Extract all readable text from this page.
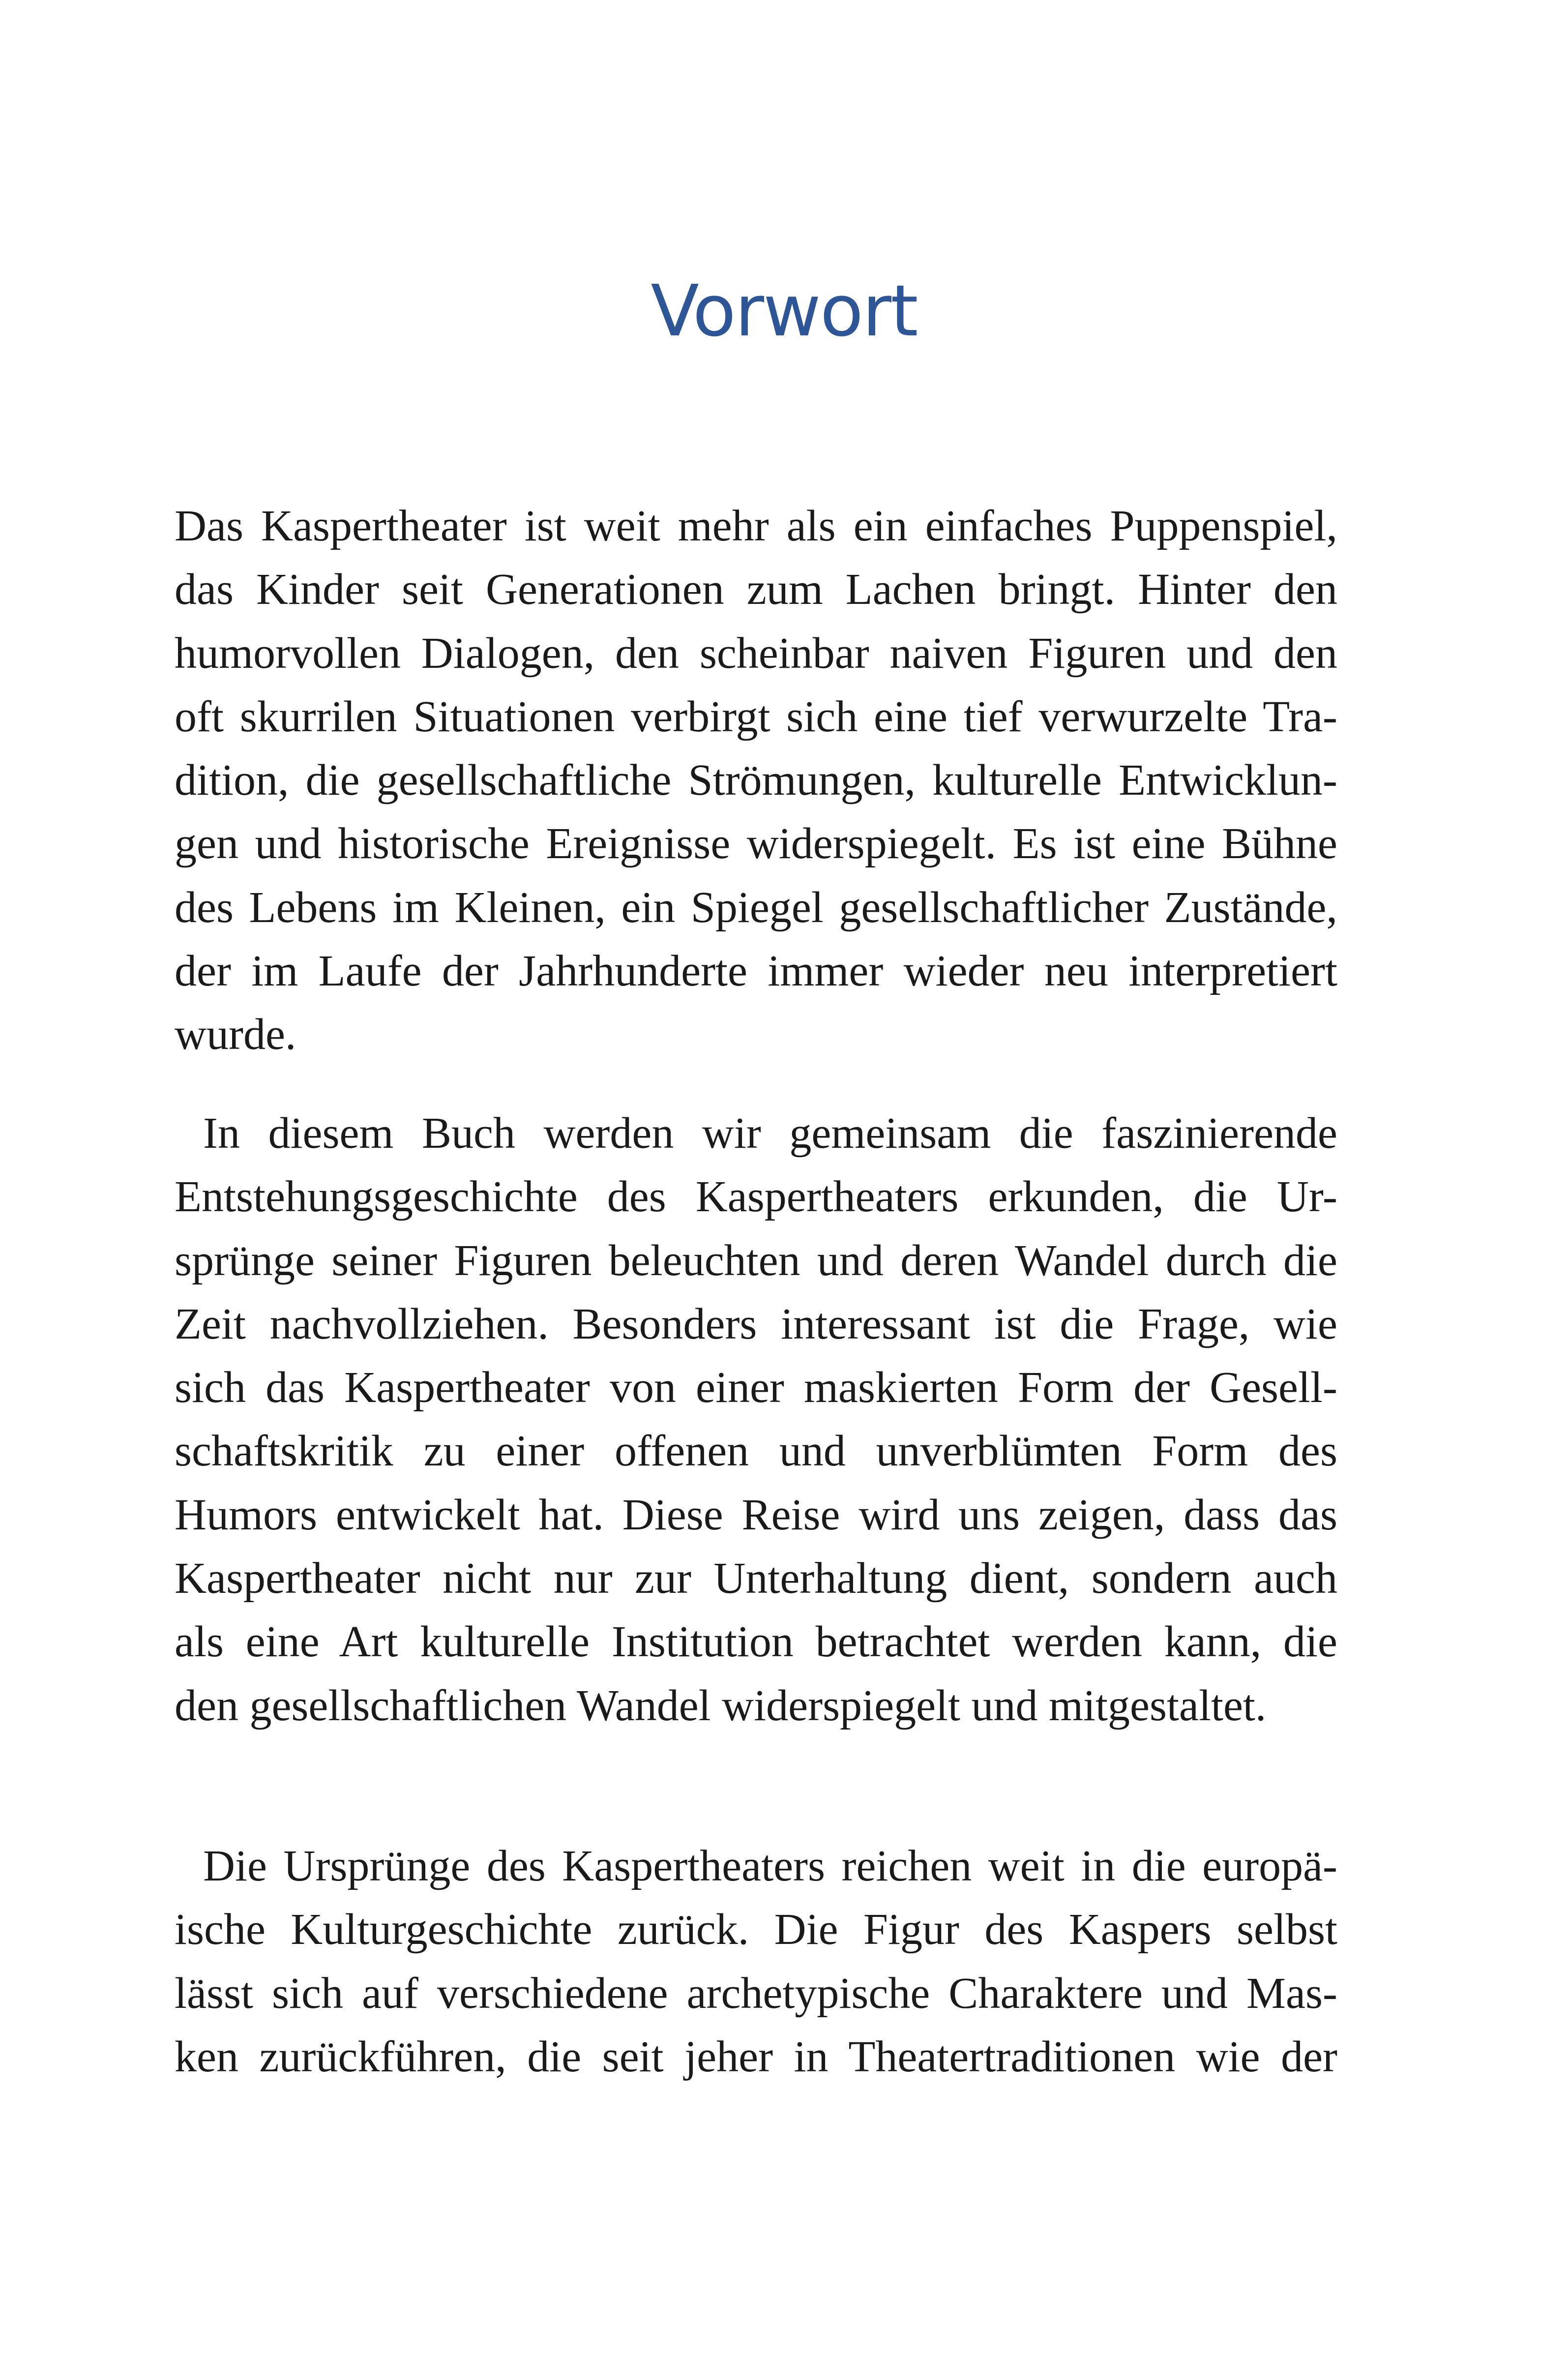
Vorwort
Das Kaspertheater ist weit mehr als ein einfaches Puppenspiel,
das Kinder seit Generationen zum Lachen bringt. Hinter den
humorvollen Dialogen, den scheinbar naiven Figuren und den
oft skurrilen Situationen verbirgt sich eine tief verwurzelte Tra-
dition, die gesellschaftliche Strömungen, kulturelle Entwicklun-
gen und historische Ereignisse widerspiegelt. Es ist eine Bühne
des Lebens im Kleinen, ein Spiegel gesellschaftlicher Zustände,
der im Laufe der Jahrhunderte immer wieder neu interpretiert
wurde.
In diesem Buch werden wir gemeinsam die faszinierende
Entstehungsgeschichte des Kaspertheaters erkunden, die Ur-
sprünge seiner Figuren beleuchten und deren Wandel durch die
Zeit nachvollziehen. Besonders interessant ist die Frage, wie
sich das Kaspertheater von einer maskierten Form der Gesell-
schaftskritik zu einer offenen und unverblümten Form des
Humors entwickelt hat. Diese Reise wird uns zeigen, dass das
Kaspertheater nicht nur zur Unterhaltung dient, sondern auch
als eine Art kulturelle Institution betrachtet werden kann, die
den gesellschaftlichen Wandel widerspiegelt und mitgestaltet.
Die Ursprünge des Kaspertheaters reichen weit in die europä-
ische Kulturgeschichte zurück. Die Figur des Kaspers selbst
lässt sich auf verschiedene archetypische Charaktere und Mas-
ken zurückführen, die seit jeher in Theatertraditionen wie der
